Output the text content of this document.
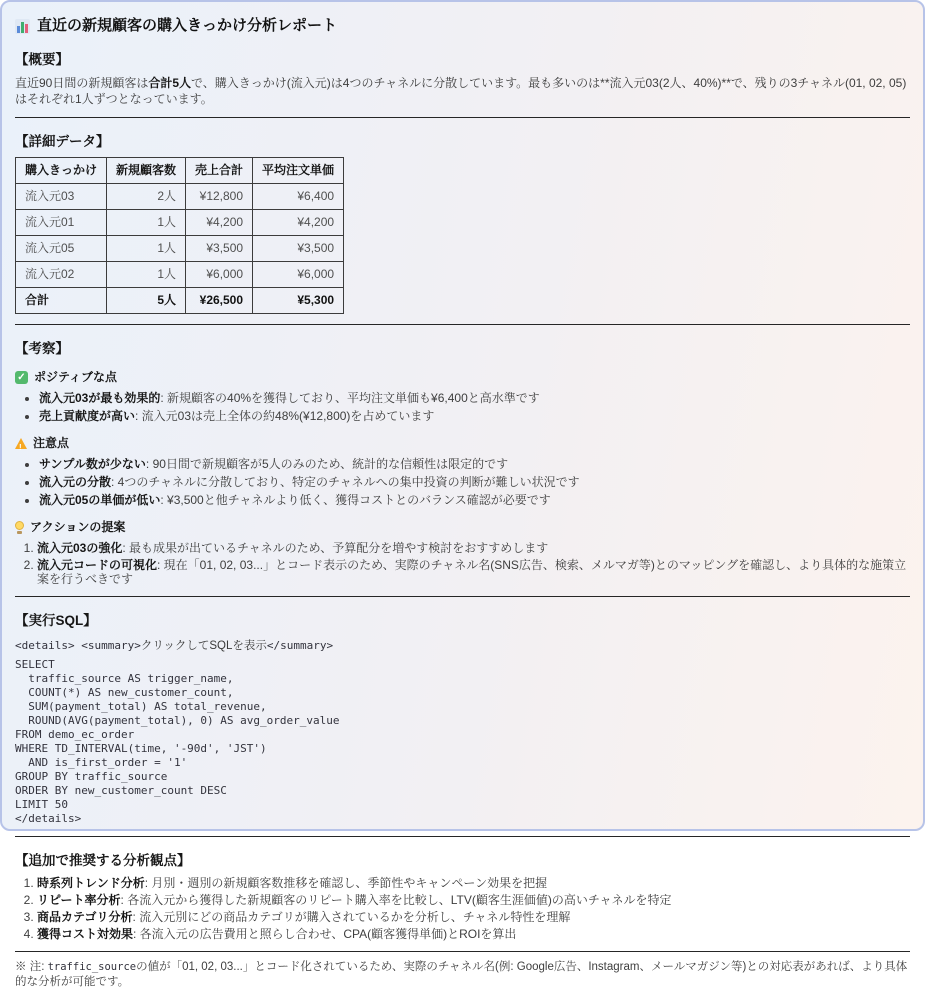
直近の新規顧客の購入きっかけ分析レポート
【概要】

直近90日間の新規顧客は合計5人で、購入きっかけ(流入元)は4つのチャネルに分散しています。最も多いのは**流入元03(2人、40%)**で、残りの3チャネル(01, 02, 05)はそれぞれ1人ずつとなっています。

【詳細データ】
購入きっかけ	新規顧客数	売上合計	平均注文単価
流入元03	2人	¥12,800	¥6,400
流入元01	1人	¥4,200	¥4,200
流入元05	1人	¥3,500	¥3,500
流入元02	1人	¥6,000	¥6,000
合計	5人	¥26,500	¥5,300
【考察】
✓
ポジティブな点
• 流入元03が最も効果的: 新規顧客の40%を獲得しており、平均注文単価も¥6,400と高水準です
• 売上貢献度が高い: 流入元03は売上全体の約48%(¥12,800)を占めています
!
注意点
• サンプル数が少ない: 90日間で新規顧客が5人のみのため、統計的な信頼性は限定的です
• 流入元の分散: 4つのチャネルに分散しており、特定のチャネルへの集中投資の判断が難しい状況です
• 流入元05の単価が低い: ¥3,500と他チャネルより低く、獲得コストとのバランス確認が必要です
アクションの提案
1. 流入元03の強化: 最も成果が出ているチャネルのため、予算配分を増やす検討をおすすめします
2. 流入元コードの可視化: 現在「01, 02, 03...」とコード表示のため、実際のチャネル名(SNS広告、検索、メルマガ等)とのマッピングを確認し、より具体的な施策立案を行うべきです
【実行SQL】

<details> <summary>クリックしてSQLを表示</summary>

SELECT
traffic_source AS trigger_name,
COUNT(*) AS new_customer_count,
SUM(payment_total) AS total_revenue,
ROUND(AVG(payment_total), 0) AS avg_order_value
FROM demo_ec_order
WHERE TD_INTERVAL(time, '-90d', 'JST')
AND is_first_order = '1'
GROUP BY traffic_source
ORDER BY new_customer_count DESC
LIMIT 50
</details>
【追加で推奨する分析観点】
1. 時系列トレンド分析: 月別・週別の新規顧客数推移を確認し、季節性やキャンペーン効果を把握
2. リピート率分析: 各流入元から獲得した新規顧客のリピート購入率を比較し、LTV(顧客生涯価値)の高いチャネルを特定
3. 商品カテゴリ分析: 流入元別にどの商品カテゴリが購入されているかを分析し、チャネル特性を理解
4. 獲得コスト対効果: 各流入元の広告費用と照らし合わせ、CPA(顧客獲得単価)とROIを算出

※ 注: traffic_sourceの値が「01, 02, 03...」とコード化されているため、実際のチャネル名(例: Google広告、Instagram、メールマガジン等)との対応表があれば、より具体的な分析が可能です。
